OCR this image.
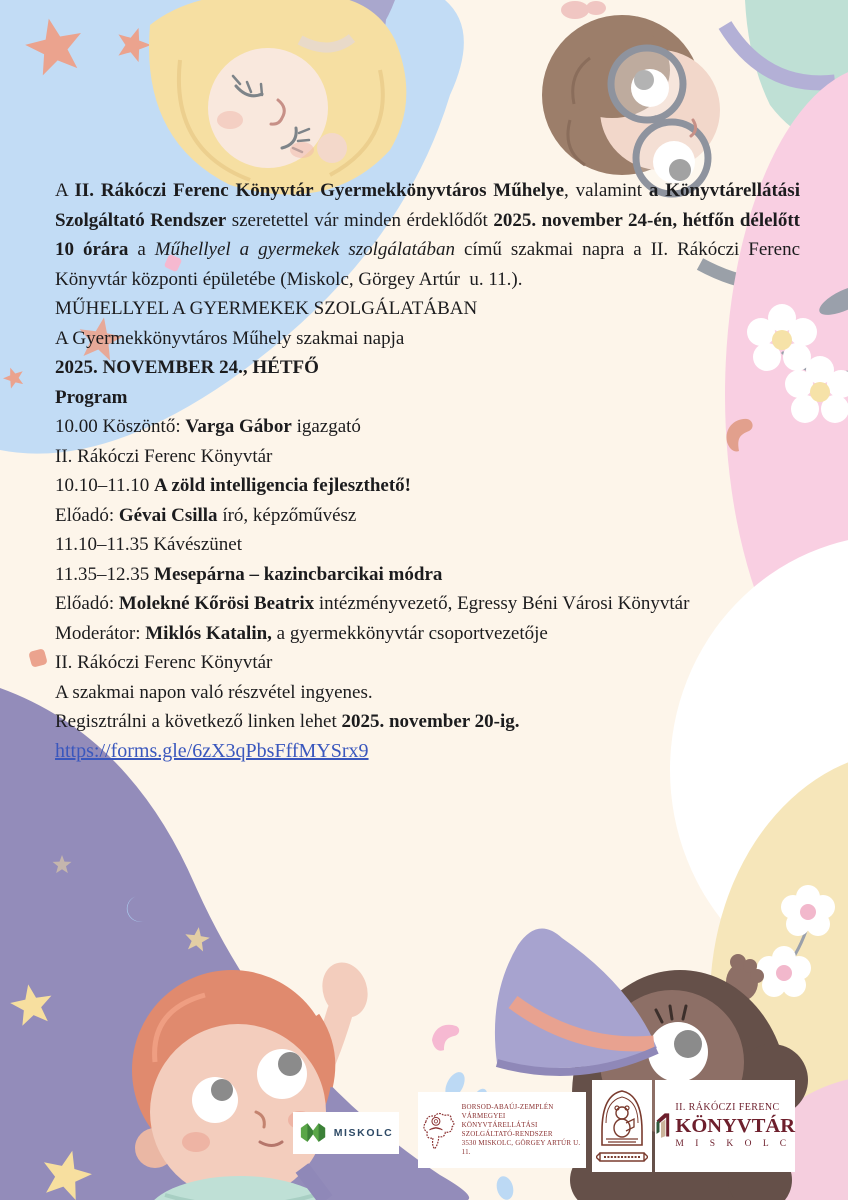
A II. Rákóczi Ferenc Könyvtár Gyermekkönyvtáros Műhelye, valamint a Könyvtárellátási Szolgáltató Rendszer szeretettel vár minden érdeklődőt 2025. november 24-én, hétfőn délelőtt 10 órára a Műhellyel a gyermekek szolgálatában című szakmai napra a II. Rákóczi Ferenc Könyvtár központi épületébe (Miskolc, Görgey Artúr  u. 11.).

MŰHELLYEL A GYERMEKEK SZOLGÁLATÁBAN

A Gyermekkönyvtáros Műhely szakmai napja

2025. NOVEMBER 24., HÉTFŐ

Program

10.00 Köszöntő: Varga Gábor igazgató

II. Rákóczi Ferenc Könyvtár

10.10–11.10 A zöld intelligencia fejleszthető!

Előadó: Gévai Csilla író, képzőművész

11.10–11.35 Kávészünet

11.35–12.35 Mesepárna – kazincbarcikai módra

Előadó: Molekné Kőrösi Beatrix intézményvezető, Egressy Béni Városi Könyvtár

Moderátor: Miklós Katalin, a gyermekkönyvtár csoportvezetője

II. Rákóczi Ferenc Könyvtár

A szakmai napon való részvétel ingyenes.

Regisztrálni a következő linken lehet 2025. november 20-ig.

https://forms.gle/6zX3qPbsFffMYSrx9

MISKOLC
BORSOD-ABAÚJ-ZEMPLÉN VÁRMEGYEI
KÖNYVTÁRELLÁTÁSI SZOLGÁLTATÓ-RENDSZER
3530 MISKOLC, GÖRGEY ARTÚR U. 11.
II. RÁKÓCZI FERENC
KÖNYVTÁR
M I S K O L C
